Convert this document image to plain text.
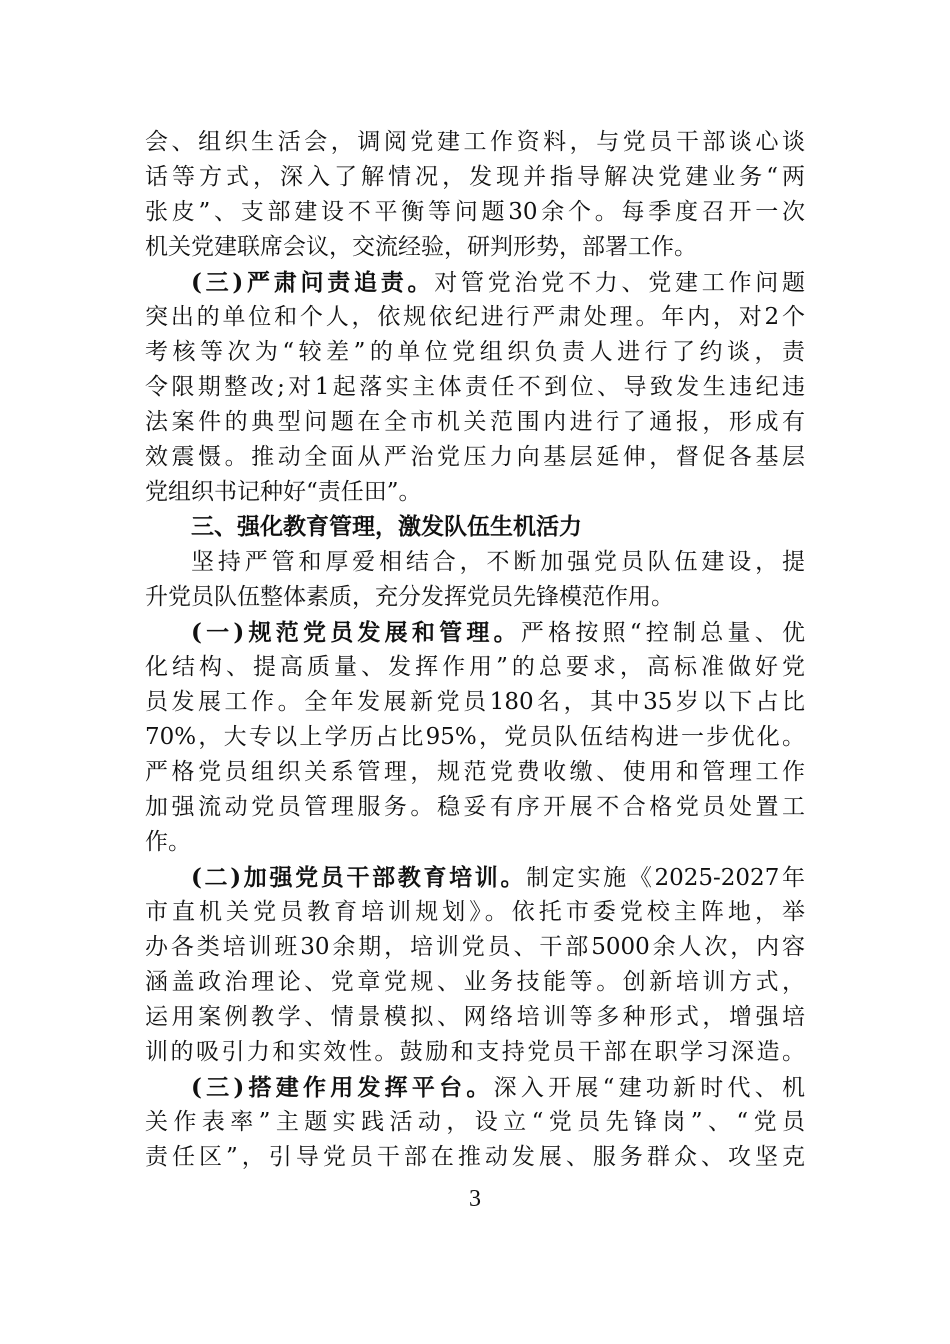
会、组织生活会，调阅党建工作资料，与党员干部谈心谈
话等方式，深入了解情况，发现并指导解决党建业务“两
张皮”、支部建设不平衡等问题30余个。每季度召开一次
机关党建联席会议，交流经验，研判形势，部署工作。
(三)严肃问责追责。对管党治党不力、党建工作问题
突出的单位和个人，依规依纪进行严肃处理。年内，对2个
考核等次为“较差”的单位党组织负责人进行了约谈，责
令限期整改;对1起落实主体责任不到位、导致发生违纪违
法案件的典型问题在全市机关范围内进行了通报，形成有
效震慑。推动全面从严治党压力向基层延伸，督促各基层
党组织书记种好“责任田”。
三、强化教育管理，激发队伍生机活力
坚持严管和厚爱相结合，不断加强党员队伍建设，提
升党员队伍整体素质，充分发挥党员先锋模范作用。
(一)规范党员发展和管理。严格按照“控制总量、优
化结构、提高质量、发挥作用”的总要求，高标准做好党
员发展工作。全年发展新党员180名，其中35岁以下占比
70%，大专以上学历占比95%，党员队伍结构进一步优化。
严格党员组织关系管理，规范党费收缴、使用和管理工作
加强流动党员管理服务。稳妥有序开展不合格党员处置工
作。
(二)加强党员干部教育培训。制定实施《2025-2027年
市直机关党员教育培训规划》。依托市委党校主阵地，举
办各类培训班30余期，培训党员、干部5000余人次，内容
涵盖政治理论、党章党规、业务技能等。创新培训方式，
运用案例教学、情景模拟、网络培训等多种形式，增强培
训的吸引力和实效性。鼓励和支持党员干部在职学习深造。
(三)搭建作用发挥平台。深入开展“建功新时代、机
关作表率”主题实践活动，设立“党员先锋岗”、“党员
责任区”，引导党员干部在推动发展、服务群众、攻坚克
3
